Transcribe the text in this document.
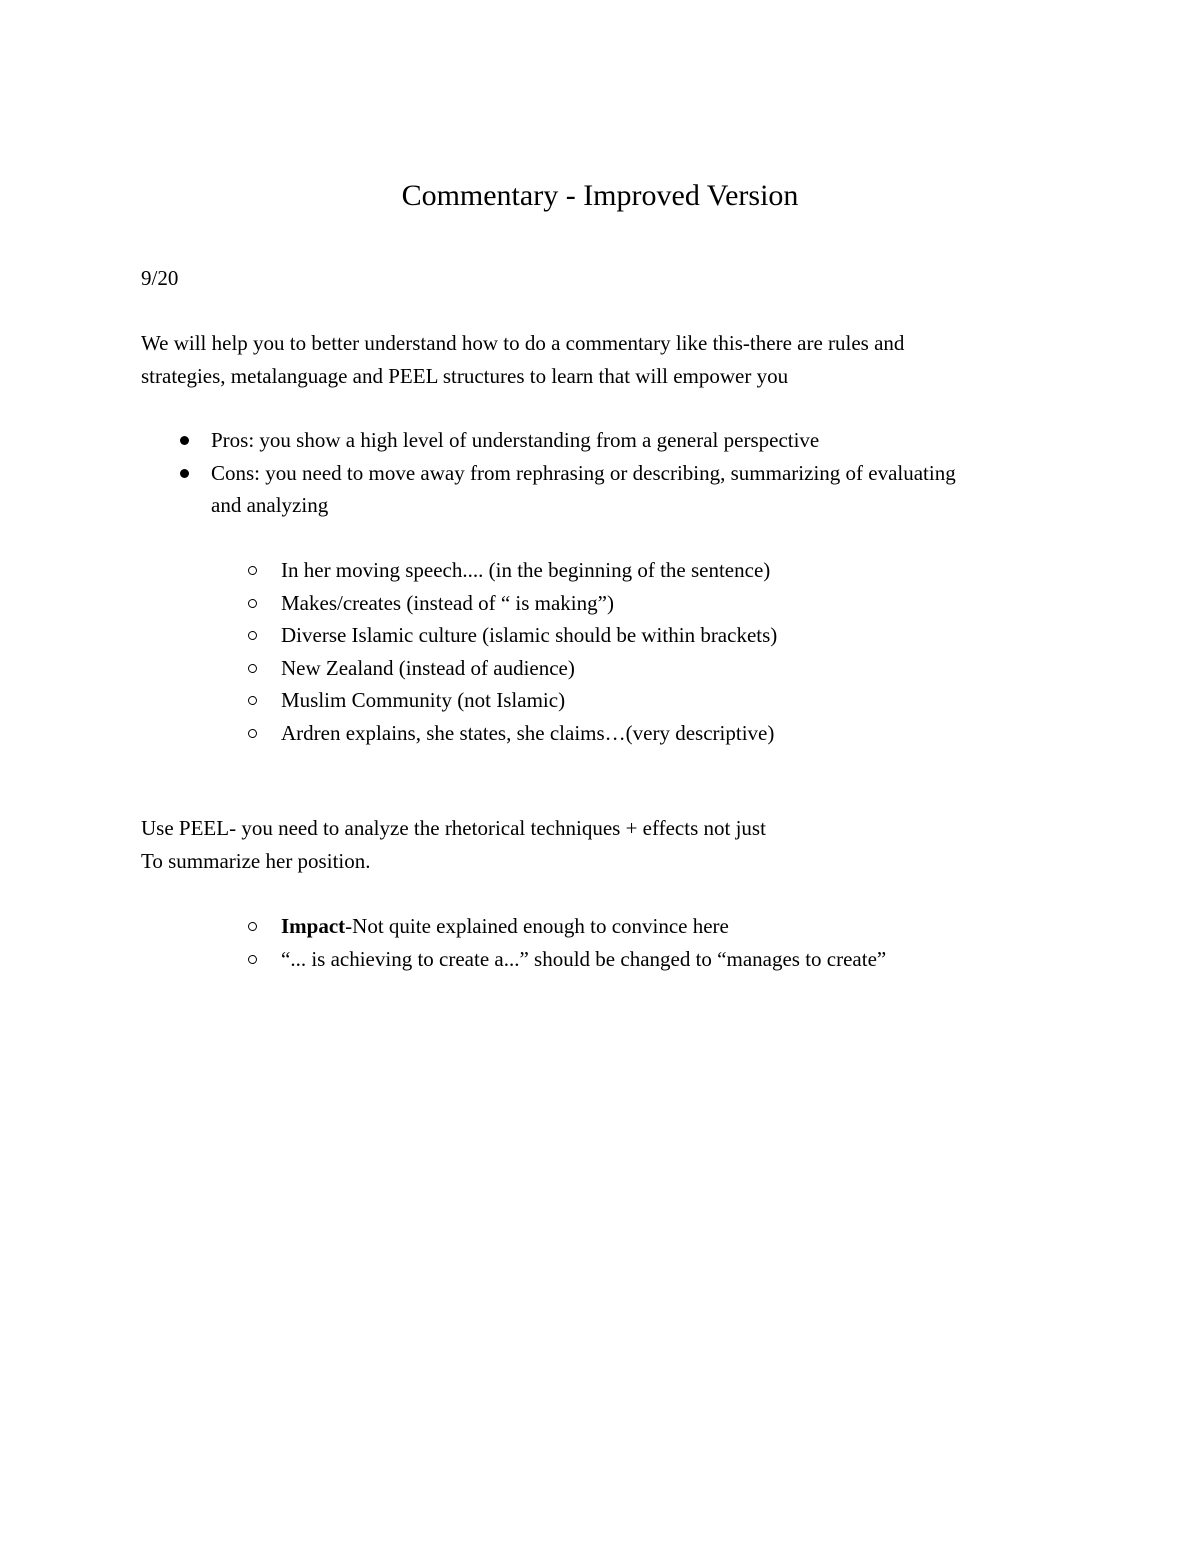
Commentary - Improved Version
9/20
We will help you to better understand how to do a commentary like this-there are rules and
strategies, metalanguage and PEEL structures to learn that will empower you
Pros: you show a high level of understanding from a general perspective
Cons: you need to move away from rephrasing or describing, summarizing of evaluating
and analyzing
In her moving speech.... (in the beginning of the sentence)
Makes/creates (instead of “ is making”)
Diverse Islamic culture (islamic should be within brackets)
New Zealand (instead of audience)
Muslim Community (not Islamic)
Ardren explains, she states, she claims…(very descriptive)
Use PEEL- you need to analyze the rhetorical techniques + effects not just
To summarize her position.
Impact-Not quite explained enough to convince here
“... is achieving to create a...” should be changed to “manages to create”
